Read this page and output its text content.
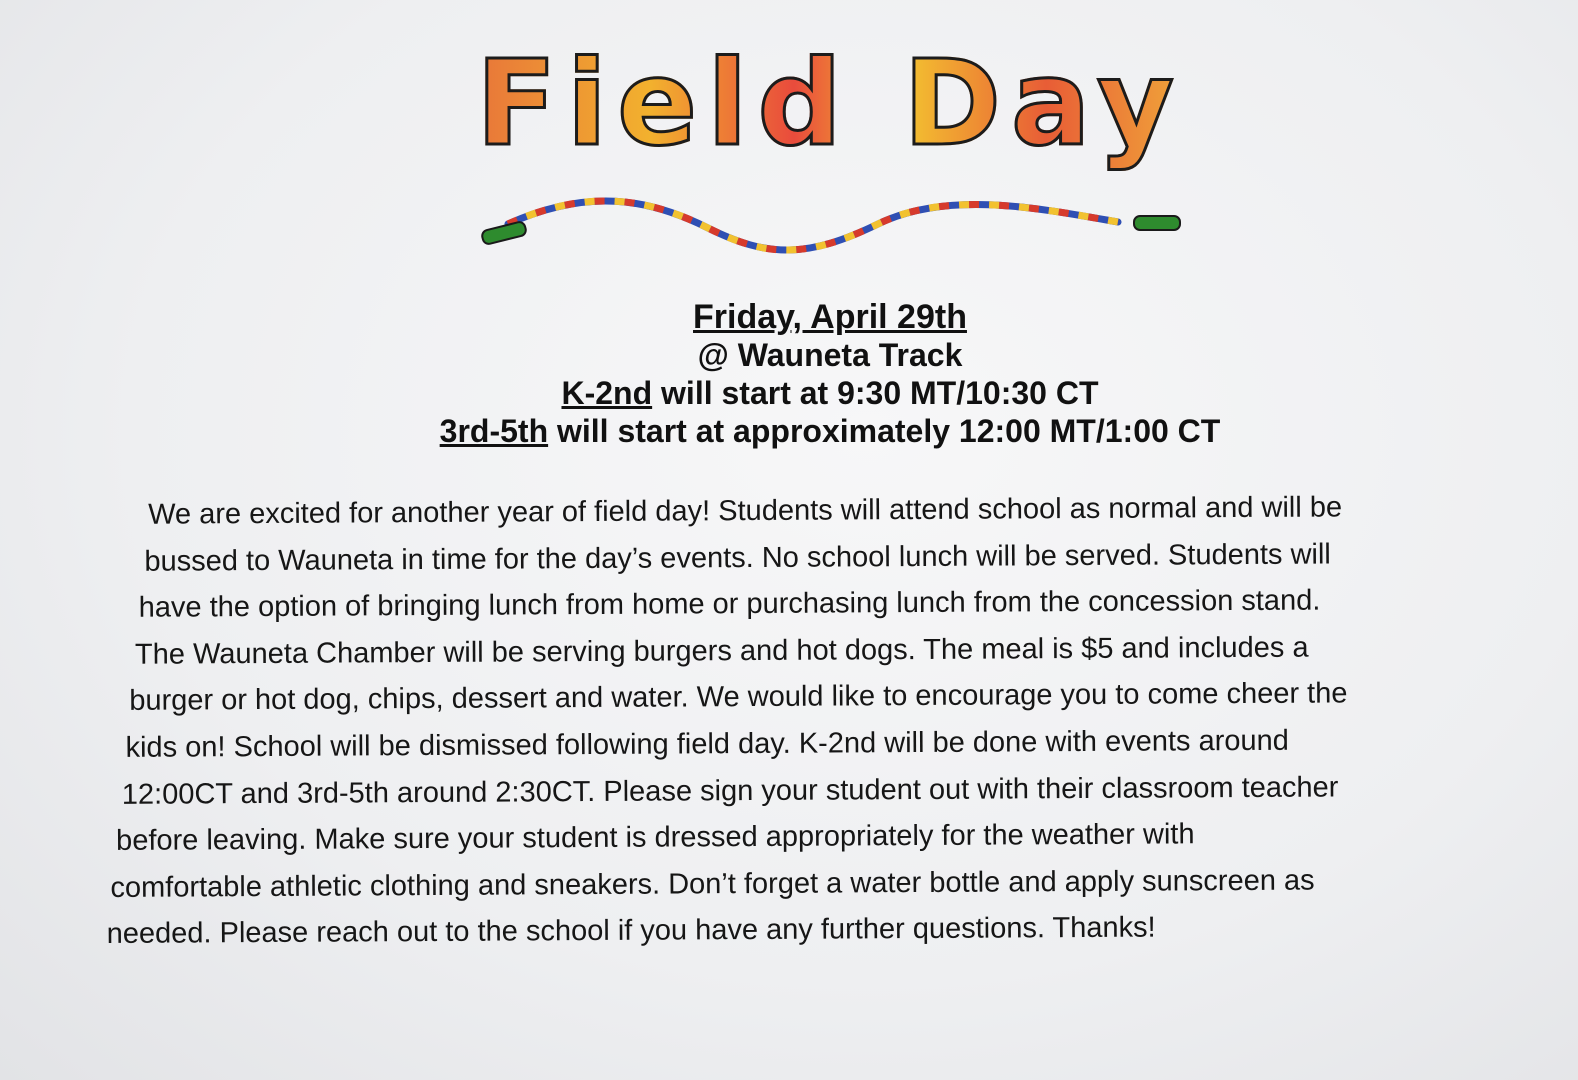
Field Day
Friday, April 29th
@ Wauneta Track
K-2nd will start at 9:30 MT/10:30 CT
3rd-5th will start at approximately 12:00 MT/1:00 CT
We are excited for another year of field day! Students will attend school as normal and will be
bussed to Wauneta in time for the day’s events. No school lunch will be served. Students will
have the option of bringing lunch from home or purchasing lunch from the concession stand.
The Wauneta Chamber will be serving burgers and hot dogs. The meal is $5 and includes a
burger or hot dog, chips, dessert and water. We would like to encourage you to come cheer the
kids on! School will be dismissed following field day. K-2nd will be done with events around
12:00CT and 3rd-5th around 2:30CT. Please sign your student out with their classroom teacher
before leaving. Make sure your student is dressed appropriately for the weather with
comfortable athletic clothing and sneakers. Don’t forget a water bottle and apply sunscreen as
needed. Please reach out to the school if you have any further questions. Thanks!
